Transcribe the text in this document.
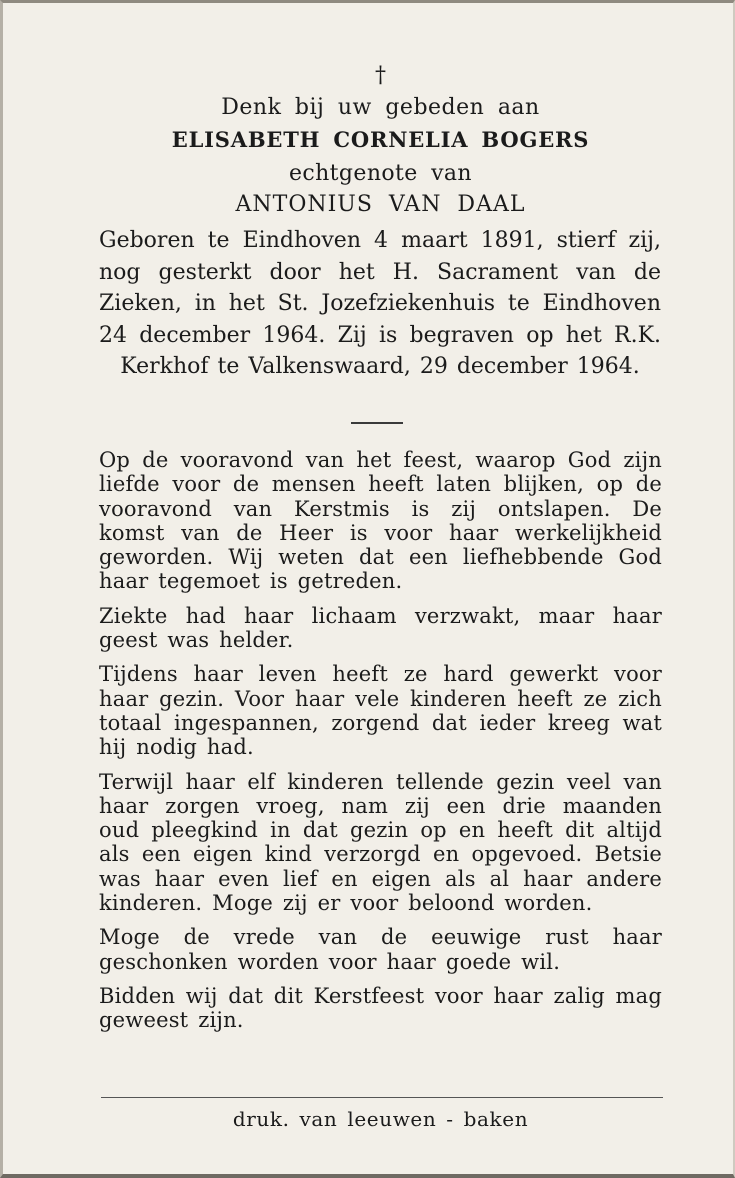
†
Denk bij uw gebeden aan
ELISABETH CORNELIA BOGERS
echtgenote van
ANTONIUS VAN DAAL
Geboren te Eindhoven 4 maart 1891, stierf zij, nog gesterkt door het H. Sacrament van de Zieken, in het St. Jozefziekenhuis te Eindhoven 24 december 1964. Zij is begraven op het R.K. Kerkhof te Valkenswaard, 29 december 1964.

Op de vooravond van het feest, waarop God zijn liefde voor de mensen heeft laten blijken, op de vooravond van Kerstmis is zij ontslapen. De komst van de Heer is voor haar werkelijkheid geworden. Wij weten dat een liefhebbende God haar tegemoet is getreden.

Ziekte had haar lichaam verzwakt, maar haar geest was helder.

Tijdens haar leven heeft ze hard gewerkt voor haar gezin. Voor haar vele kinderen heeft ze zich totaal ingespannen, zorgend dat ieder kreeg wat hij nodig had.

Terwijl haar elf kinderen tellende gezin veel van haar zorgen vroeg, nam zij een drie maanden oud pleegkind in dat gezin op en heeft dit altijd als een eigen kind verzorgd en opgevoed. Betsie was haar even lief en eigen als al haar andere kinderen. Moge zij er voor beloond worden.

Moge de vrede van de eeuwige rust haar geschonken worden voor haar goede wil.

Bidden wij dat dit Kerstfeest voor haar zalig mag geweest zijn.

druk. van leeuwen - baken
